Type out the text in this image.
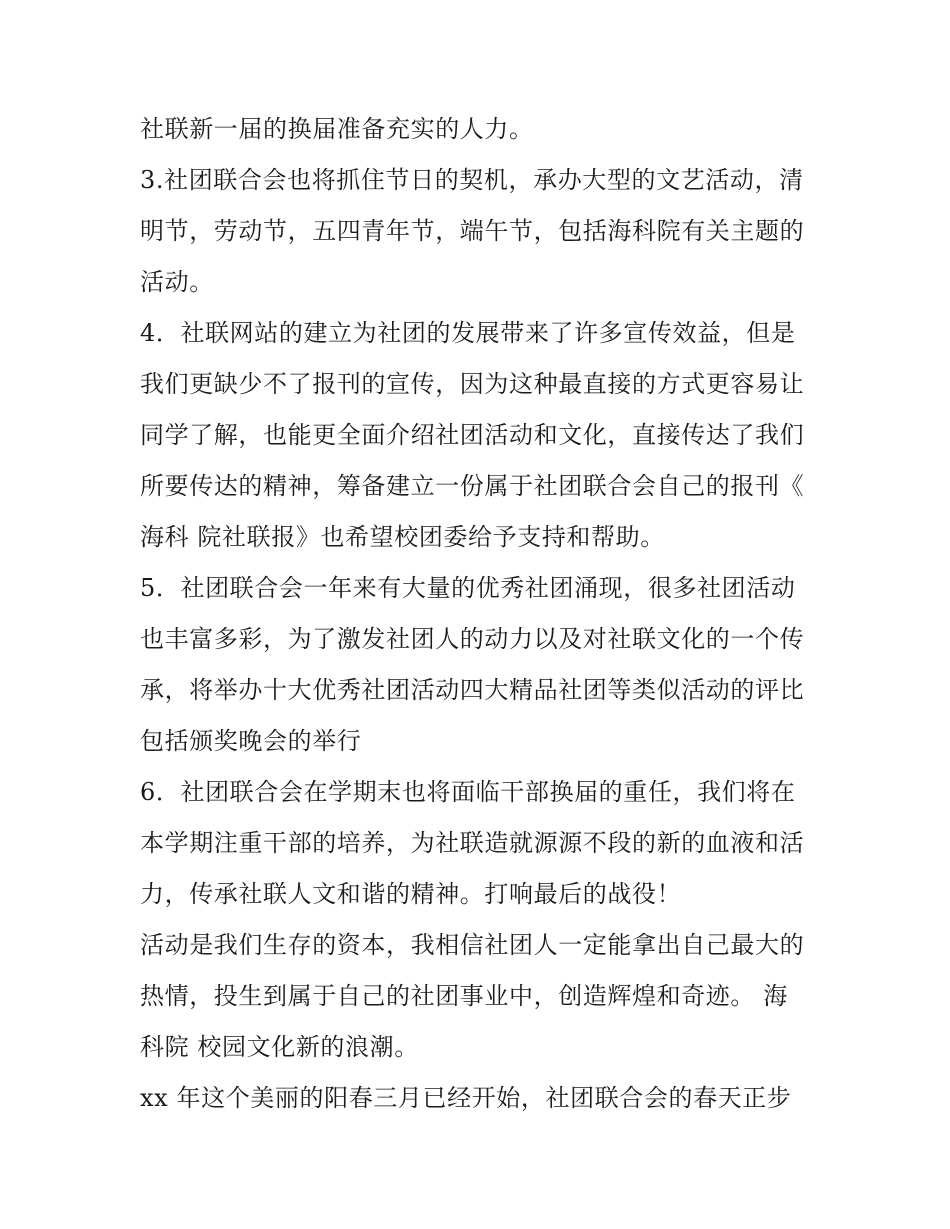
社联新一届的换届准备充实的人力。
3.社团联合会也将抓住节日的契机，承办大型的文艺活动，清
明节，劳动节，五四青年节，端午节，包括海科院有关主题的
活动。
4．社联网站的建立为社团的发展带来了许多宣传效益，但是
我们更缺少不了报刊的宣传，因为这种最直接的方式更容易让
同学了解，也能更全面介绍社团活动和文化，直接传达了我们
所要传达的精神，筹备建立一份属于社团联合会自己的报刊《
海科 院社联报》也希望校团委给予支持和帮助。
5．社团联合会一年来有大量的优秀社团涌现，很多社团活动
也丰富多彩，为了激发社团人的动力以及对社联文化的一个传
承，将举办十大优秀社团活动四大精品社团等类似活动的评比
包括颁奖晚会的举行
6．社团联合会在学期末也将面临干部换届的重任，我们将在
本学期注重干部的培养，为社联造就源源不段的新的血液和活
力，传承社联人文和谐的精神。打响最后的战役！
活动是我们生存的资本，我相信社团人一定能拿出自己最大的
热情，投生到属于自己的社团事业中，创造辉煌和奇迹。 海
科院 校园文化新的浪潮。
xx 年这个美丽的阳春三月已经开始，社团联合会的春天正步
